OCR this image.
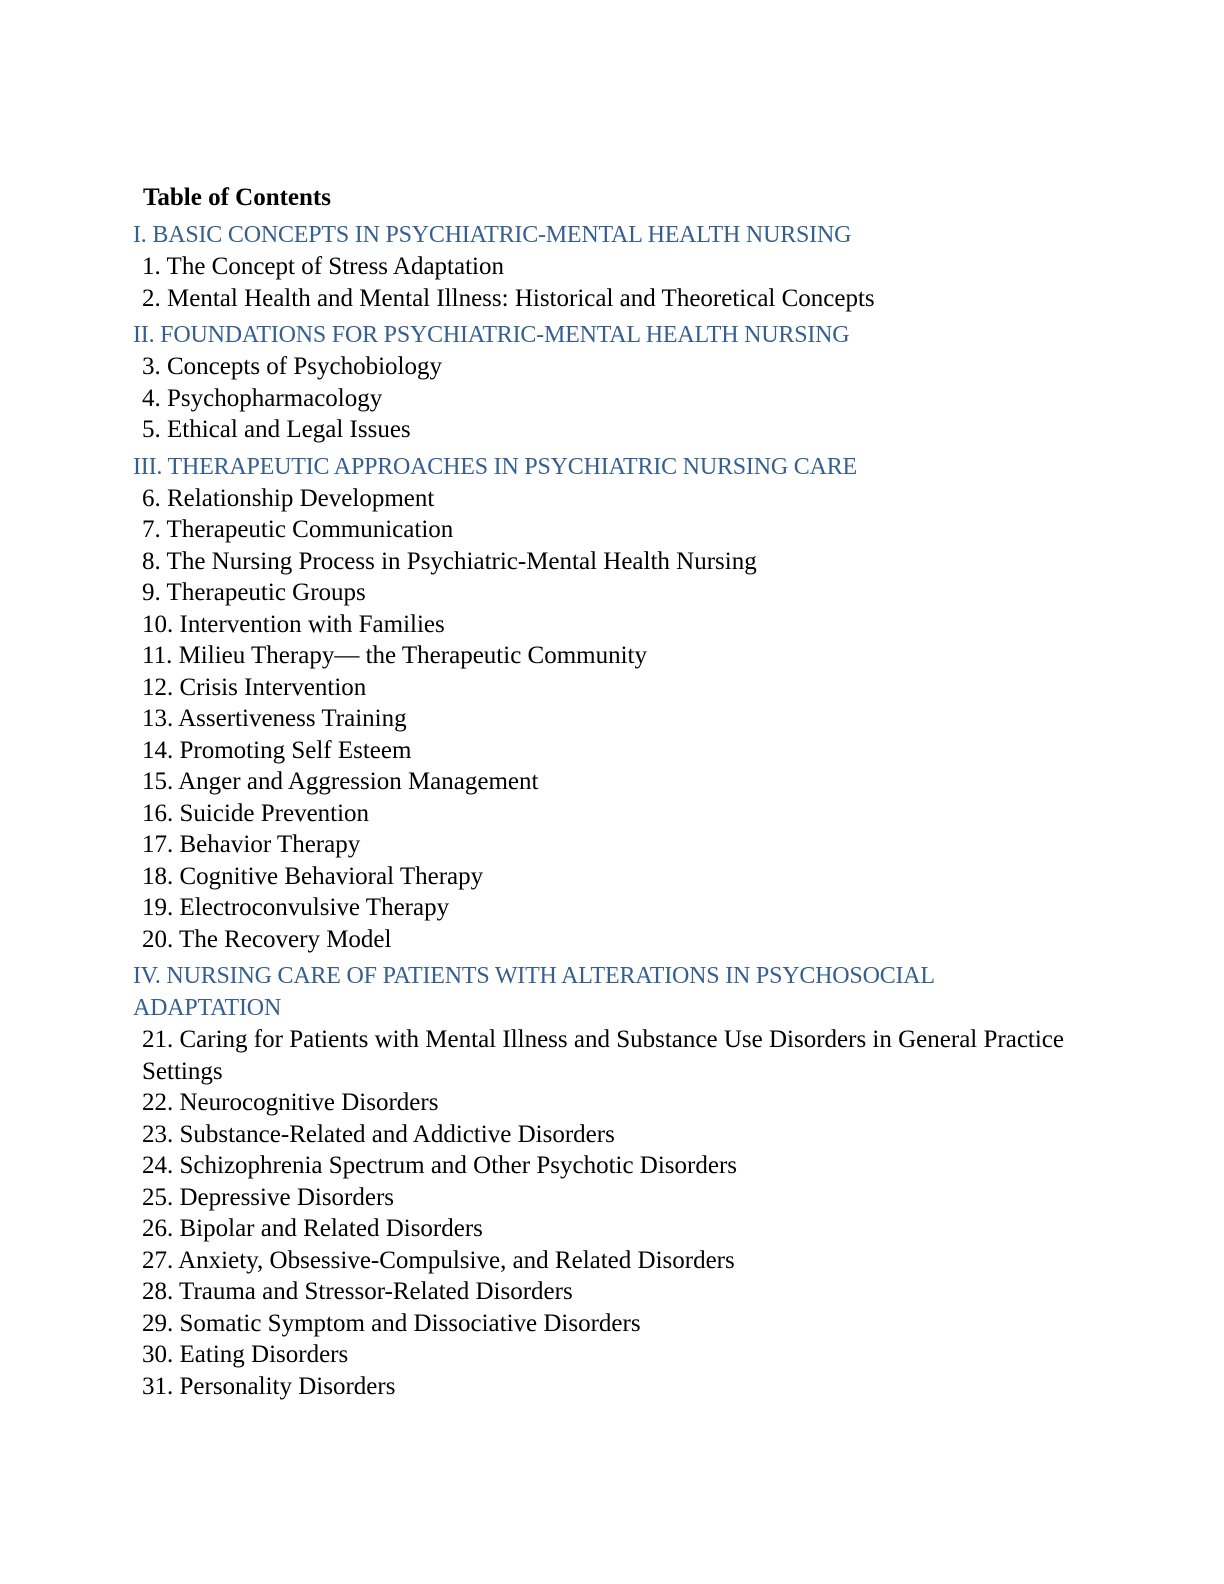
Table of Contents
I. BASIC CONCEPTS IN PSYCHIATRIC-MENTAL HEALTH NURSING

1. The Concept of Stress Adaptation

2. Mental Health and Mental Illness: Historical and Theoretical Concepts

II. FOUNDATIONS FOR PSYCHIATRIC-MENTAL HEALTH NURSING

3. Concepts of Psychobiology

4. Psychopharmacology

5. Ethical and Legal Issues

III. THERAPEUTIC APPROACHES IN PSYCHIATRIC NURSING CARE

6. Relationship Development

7. Therapeutic Communication

8. The Nursing Process in Psychiatric-Mental Health Nursing

9. Therapeutic Groups

10. Intervention with Families

11. Milieu Therapy— the Therapeutic Community

12. Crisis Intervention

13. Assertiveness Training

14. Promoting Self Esteem

15. Anger and Aggression Management

16. Suicide Prevention

17. Behavior Therapy

18. Cognitive Behavioral Therapy

19. Electroconvulsive Therapy

20. The Recovery Model

IV. NURSING CARE OF PATIENTS WITH ALTERATIONS IN PSYCHOSOCIAL ADAPTATION

21. Caring for Patients with Mental Illness and Substance Use Disorders in General Practice Settings

22. Neurocognitive Disorders

23. Substance-Related and Addictive Disorders

24. Schizophrenia Spectrum and Other Psychotic Disorders

25. Depressive Disorders

26. Bipolar and Related Disorders

27. Anxiety, Obsessive-Compulsive, and Related Disorders

28. Trauma and Stressor-Related Disorders

29. Somatic Symptom and Dissociative Disorders

30. Eating Disorders

31. Personality Disorders
